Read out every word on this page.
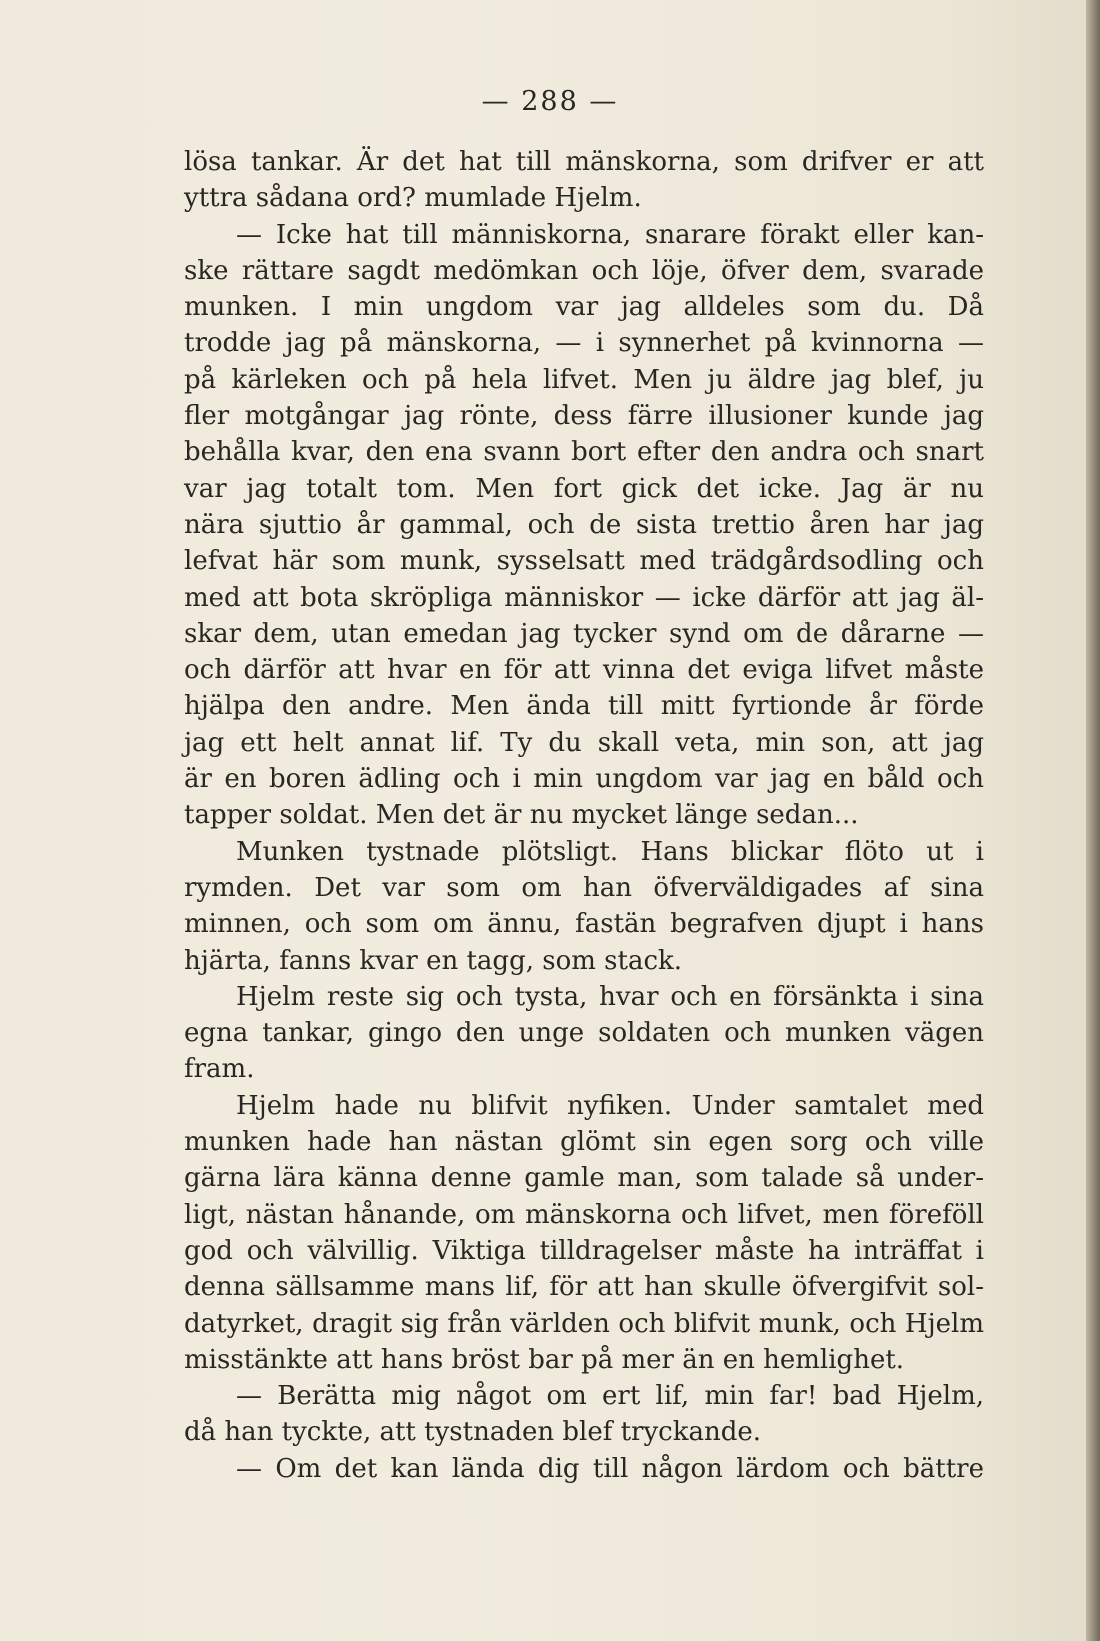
— 288 —
lösa tankar. Är det hat till mänskorna, som drifver er att
yttra sådana ord? mumlade Hjelm.
— Icke hat till människorna, snarare förakt eller kan-
ske rättare sagdt medömkan och löje, öfver dem, svarade
munken. I min ungdom var jag alldeles som du. Då
trodde jag på mänskorna, — i synnerhet på kvinnorna —
på kärleken och på hela lifvet. Men ju äldre jag blef, ju
fler motgångar jag rönte, dess färre illusioner kunde jag
behålla kvar, den ena svann bort efter den andra och snart
var jag totalt tom. Men fort gick det icke. Jag är nu
nära sjuttio år gammal, och de sista trettio åren har jag
lefvat här som munk, sysselsatt med trädgårdsodling och
med att bota skröpliga människor — icke därför att jag äl-
skar dem, utan emedan jag tycker synd om de dårarne —
och därför att hvar en för att vinna det eviga lifvet måste
hjälpa den andre. Men ända till mitt fyrtionde år förde
jag ett helt annat lif. Ty du skall veta, min son, att jag
är en boren ädling och i min ungdom var jag en båld och
tapper soldat. Men det är nu mycket länge sedan...
Munken tystnade plötsligt. Hans blickar flöto ut i
rymden. Det var som om han öfverväldigades af sina
minnen, och som om ännu, fastän begrafven djupt i hans
hjärta, fanns kvar en tagg, som stack.
Hjelm reste sig och tysta, hvar och en försänkta i sina
egna tankar, gingo den unge soldaten och munken vägen
fram.
Hjelm hade nu blifvit nyfiken. Under samtalet med
munken hade han nästan glömt sin egen sorg och ville
gärna lära känna denne gamle man, som talade så under-
ligt, nästan hånande, om mänskorna och lifvet, men föreföll
god och välvillig. Viktiga tilldragelser måste ha inträffat i
denna sällsamme mans lif, för att han skulle öfvergifvit sol-
datyrket, dragit sig från världen och blifvit munk, och Hjelm
misstänkte att hans bröst bar på mer än en hemlighet.
— Berätta mig något om ert lif, min far! bad Hjelm,
då han tyckte, att tystnaden blef tryckande.
— Om det kan lända dig till någon lärdom och bättre
